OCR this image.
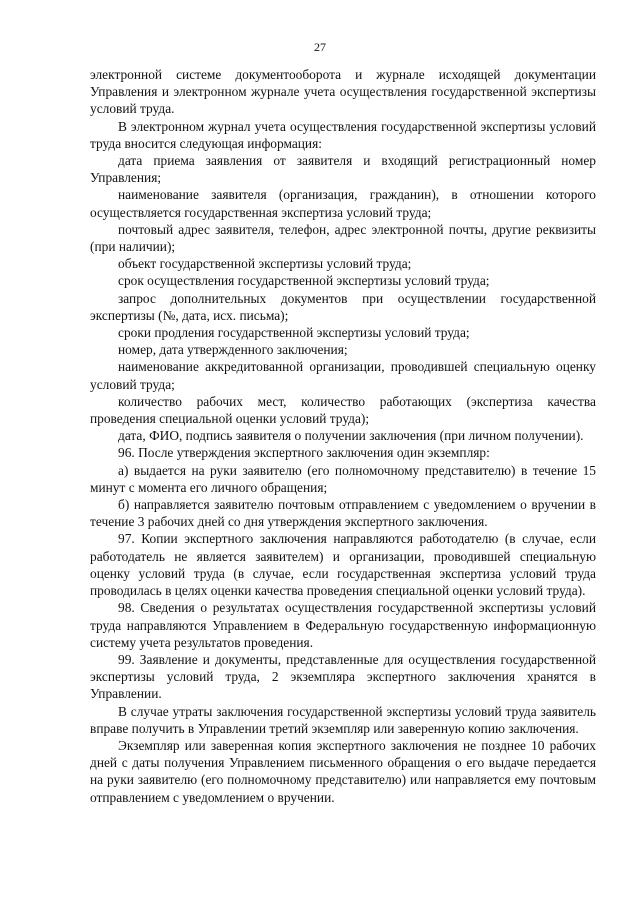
27

электронной системе документооборота и журнале исходящей документации Управления и электронном журнале учета осуществления государственной экспертизы условий труда.

В электронном журнал учета осуществления государственной экспертизы условий труда вносится следующая информация:

дата приема заявления от заявителя и входящий регистрационный номер Управления;

наименование заявителя (организация, гражданин), в отношении которого осуществляется государственная экспертиза условий труда;

почтовый адрес заявителя, телефон, адрес электронной почты, другие реквизиты (при наличии);

объект государственной экспертизы условий труда;

срок осуществления государственной экспертизы условий труда;

запрос дополнительных документов при осуществлении государственной экспертизы (№, дата, исх. письма);

сроки продления государственной экспертизы условий труда;

номер, дата утвержденного заключения;

наименование аккредитованной организации, проводившей специальную оценку условий труда;

количество рабочих мест, количество работающих (экспертиза качества проведения специальной оценки условий труда);

дата, ФИО, подпись заявителя о получении заключения (при личном получении).

96. После утверждения экспертного заключения один экземпляр:

а) выдается на руки заявителю (его полномочному представителю) в течение 15 минут с момента его личного обращения;

б) направляется заявителю почтовым отправлением с уведомлением о вручении в течение 3 рабочих дней со дня утверждения экспертного заключения.

97. Копии экспертного заключения направляются работодателю (в случае, если работодатель не является заявителем) и организации, проводившей специальную оценку условий труда (в случае, если государственная экспертиза условий труда проводилась в целях оценки качества проведения специальной оценки условий труда).

98. Сведения о результатах осуществления государственной экспертизы условий труда направляются Управлением в Федеральную государственную информационную систему учета результатов проведения.

99. Заявление и документы, представленные для осуществления государственной экспертизы условий труда, 2 экземпляра экспертного заключения хранятся в Управлении.

В случае утраты заключения государственной экспертизы условий труда заявитель вправе получить в Управлении третий экземпляр или заверенную копию заключения.

Экземпляр или заверенная копия экспертного заключения не позднее 10 рабочих дней с даты получения Управлением письменного обращения о его выдаче передается на руки заявителю (его полномочному представителю) или направляется ему почтовым отправлением с уведомлением о вручении.
